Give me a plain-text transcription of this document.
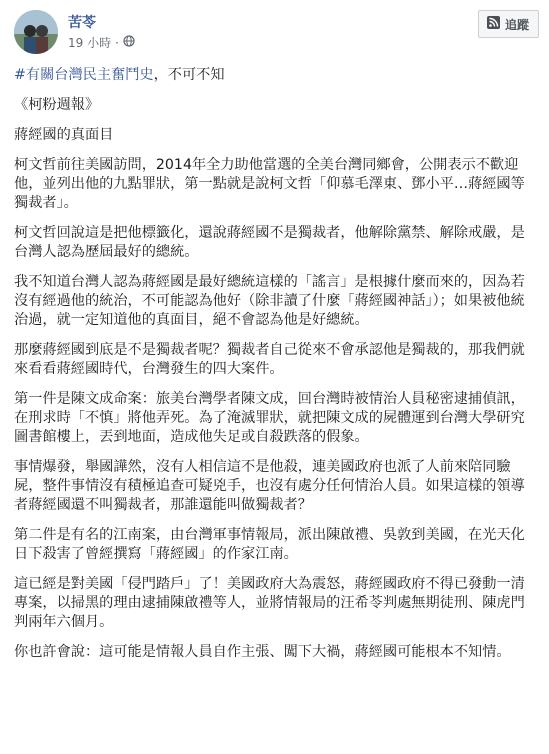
苦苓
19 小時 ·
追蹤

#有關台灣民主奮鬥史，不可不知

《柯粉週報》

蔣經國的真面目

柯文哲前往美國訪問，2014年全力助他當選的全美台灣同鄉會，公開表示不歡迎他，並列出他的九點罪狀，第一點就是說柯文哲「仰慕毛澤東、鄧小平…蔣經國等獨裁者」。

柯文哲回說這是把他標籤化，還說蔣經國不是獨裁者，他解除黨禁、解除戒嚴，是台灣人認為歷屆最好的總統。

我不知道台灣人認為蔣經國是最好總統這樣的「謠言」是根據什麼而來的，因為若沒有經過他的統治，不可能認為他好（除非讀了什麼「蔣經國神話」）；如果被他統治過，就一定知道他的真面目，絕不會認為他是好總統。

那麼蔣經國到底是不是獨裁者呢？獨裁者自己從來不會承認他是獨裁的，那我們就來看看蔣經國時代，台灣發生的四大案件。

第一件是陳文成命案：旅美台灣學者陳文成，回台灣時被情治人員秘密逮捕偵訊，在刑求時「不慎」將他弄死。為了淹滅罪狀，就把陳文成的屍體運到台灣大學研究圖書館樓上，丟到地面，造成他失足或自殺跌落的假象。

事情爆發，舉國譁然，沒有人相信這不是他殺，連美國政府也派了人前來陪同驗屍，整件事情沒有積極追查可疑兇手，也沒有處分任何情治人員。如果這樣的領導者蔣經國還不叫獨裁者，那誰還能叫做獨裁者？

第二件是有名的江南案，由台灣軍事情報局，派出陳啟禮、吳敦到美國，在光天化日下殺害了曾經撰寫「蔣經國」的作家江南。

這已經是對美國「侵門踏戶」了！美國政府大為震怒，蔣經國政府不得已發動一清專案，以掃黑的理由逮捕陳啟禮等人，並將情報局的汪希苓判處無期徒刑、陳虎門判兩年六個月。

你也許會說：這可能是情報人員自作主張、闖下大禍，蔣經國可能根本不知情。
